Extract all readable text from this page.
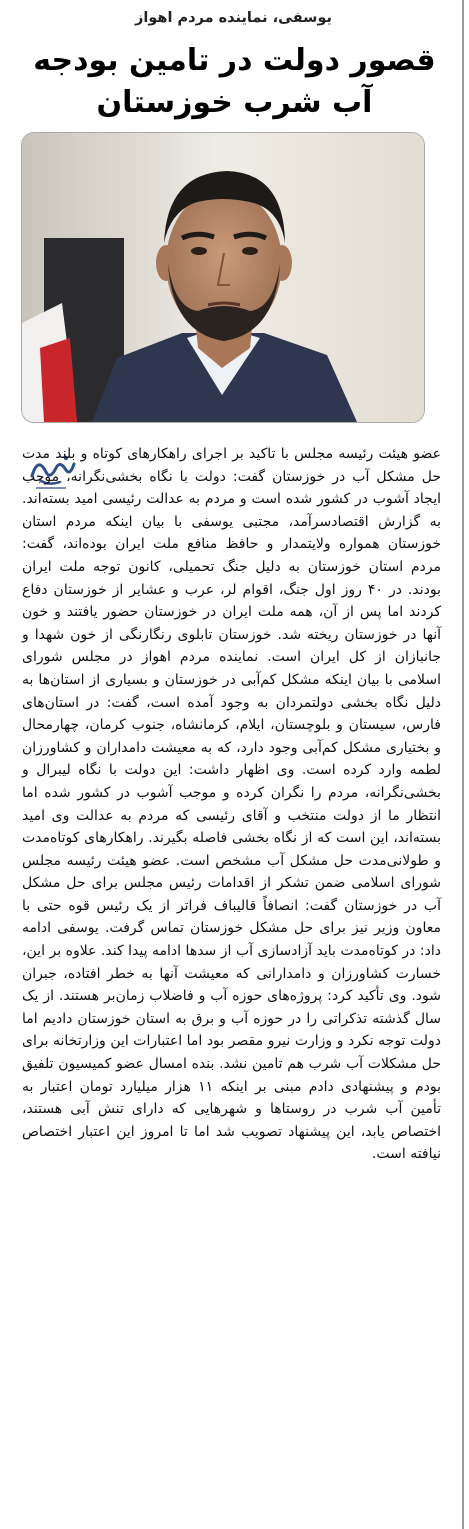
یوسفی، نماینده مردم اهواز
قصور دولت در تامین بودجه
آب شرب خوزستان

عضو هیئت رئیسه مجلس با تاکید بر اجرای راهکارهای کوتاه و بلند مدت حل مشکل آب در خوزستان گفت: دولت با نگاه بخشی‌نگرانه، موجب ایجاد آشوب در کشور شده است و مردم به عدالت رئیسی امید بسته‌اند. به گزارش اقتصادسرآمد، مجتبی یوسفی با بیان اینکه مردم استان خوزستان همواره ولایتمدار و حافظ منافع ملت ایران بوده‌اند، گفت: مردم استان خوزستان به دلیل جنگ تحمیلی، کانون توجه ملت ایران بودند. در ۴۰ روز اول جنگ، اقوام لر، عرب و عشایر از خوزستان دفاع کردند اما پس از آن، همه ملت ایران در خوزستان حضور یافتند و خون آنها در خوزستان ریخته شد. خوزستان تابلوی رنگارنگی از خون شهدا و جانبازان از کل ایران است. نماینده مردم اهواز در مجلس شورای اسلامی با بیان اینکه مشکل کم‌آبی در خوزستان و بسیاری از استان‌ها به دلیل نگاه بخشی دولتمردان به وجود آمده است، گفت: در استان‌های فارس، سیستان و بلوچستان، ایلام، کرمانشاه، جنوب کرمان، چهارمحال و بختیاری مشکل کم‌آبی وجود دارد، که به معیشت دامداران و کشاورزان لطمه وارد کرده است. وی اظهار داشت: این دولت با نگاه لیبرال و بخشی‌نگرانه، مردم را نگران کرده و موجب آشوب در کشور شده اما انتظار ما از دولت منتخب و آقای رئیسی که مردم به عدالت وی امید بسته‌اند، این است که از نگاه بخشی فاصله بگیرند. راهکارهای کوتاه‌مدت و طولانی‌مدت حل مشکل آب مشخص است. عضو هیئت رئیسه مجلس شورای اسلامی ضمن تشکر از اقدامات رئیس مجلس برای حل مشکل آب در خوزستان گفت: انصافاً قالیباف فراتر از یک رئیس قوه حتی با معاون وزیر نیز برای حل مشکل خوزستان تماس گرفت. یوسفی ادامه داد: در کوتاه‌مدت باید آزادسازی آب از سدها ادامه پیدا کند. علاوه بر این، خسارت کشاورزان و دامدارانی که معیشت آنها به خطر افتاده، جبران شود. وی تأکید کرد: پروژه‌های حوزه آب و فاضلاب زمان‌بر هستند. از یک سال گذشته تذکراتی را در حوزه آب و برق به استان خوزستان دادیم اما دولت توجه نکرد و وزارت نیرو مقصر بود اما اعتبارات این وزارتخانه برای حل مشکلات آب شرب هم تامین نشد. بنده امسال عضو کمیسیون تلفیق بودم و پیشنهادی دادم مبنی بر اینکه ۱۱ هزار میلیارد تومان اعتبار به تأمین آب شرب در روستاها و شهرهایی که دارای تنش آبی هستند، اختصاص یابد، این پیشنهاد تصویب شد اما تا امروز این اعتبار اختصاص نیافته است.
